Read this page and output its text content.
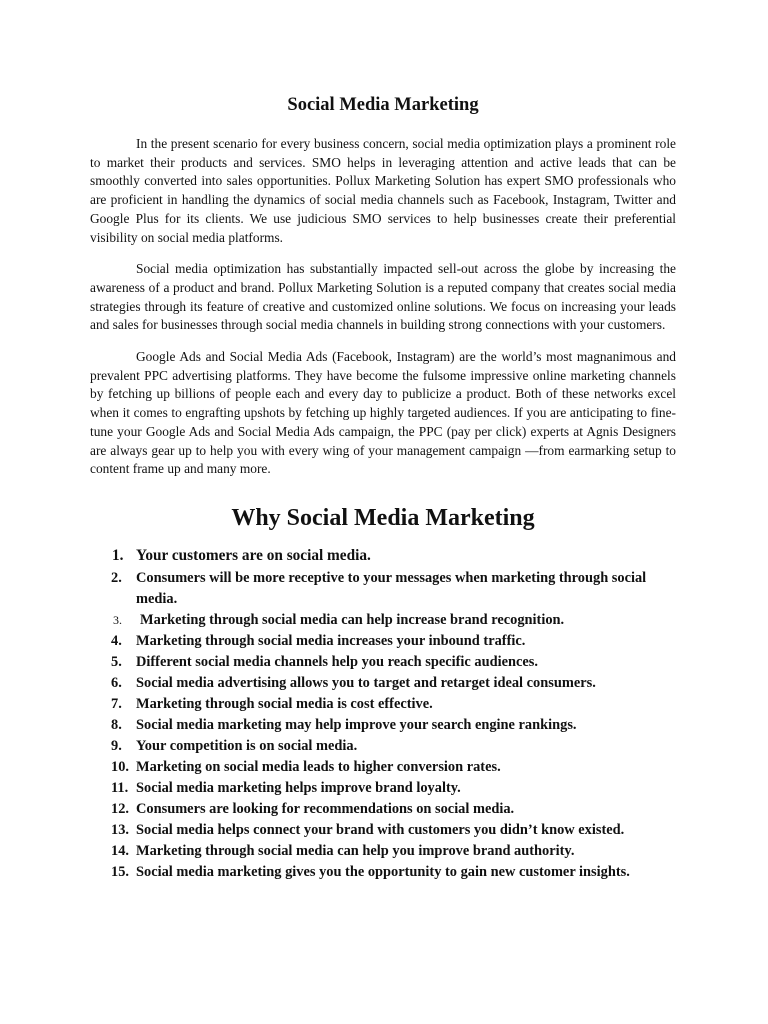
Social Media Marketing

In the present scenario for every business concern, social media optimization plays a prominent role to market their products and services. SMO helps in leveraging attention and active leads that can be smoothly converted into sales opportunities. Pollux Marketing Solution has expert SMO professionals who are proficient in handling the dynamics of social media channels such as Facebook, Instagram, Twitter and Google Plus for its clients. We use judicious SMO services to help businesses create their preferential visibility on social media platforms.

Social media optimization has substantially impacted sell-out across the globe by increasing the awareness of a product and brand. Pollux Marketing Solution is a reputed company that creates social media strategies through its feature of creative and customized online solutions. We focus on increasing your leads and sales for businesses through social media channels in building strong connections with your customers.

Google Ads and Social Media Ads (Facebook, Instagram) are the world’s most magnanimous and prevalent PPC advertising platforms. They have become the fulsome impressive online marketing channels by fetching up billions of people each and every day to publicize a product. Both of these networks excel when it comes to engrafting upshots by fetching up highly targeted audiences. If you are anticipating to fine-tune your Google Ads and Social Media Ads campaign, the PPC (pay per click) experts at Agnis Designers are always gear up to help you with every wing of your management campaign —from earmarking setup to content frame up and many more.

Why Social Media Marketing
1. Your customers are on social media.
2. Consumers will be more receptive to your messages when marketing through social media.
3.	Marketing through social media can help increase brand recognition.
4. Marketing through social media increases your inbound traffic.
5. Different social media channels help you reach specific audiences.
6. Social media advertising allows you to target and retarget ideal consumers.
7. Marketing through social media is cost effective.
8. Social media marketing may help improve your search engine rankings.
9. Your competition is on social media.
10. Marketing on social media leads to higher conversion rates.
11. Social media marketing helps improve brand loyalty.
12. Consumers are looking for recommendations on social media.
13. Social media helps connect your brand with customers you didn’t know existed.
14. Marketing through social media can help you improve brand authority.
15. Social media marketing gives you the opportunity to gain new customer insights.
